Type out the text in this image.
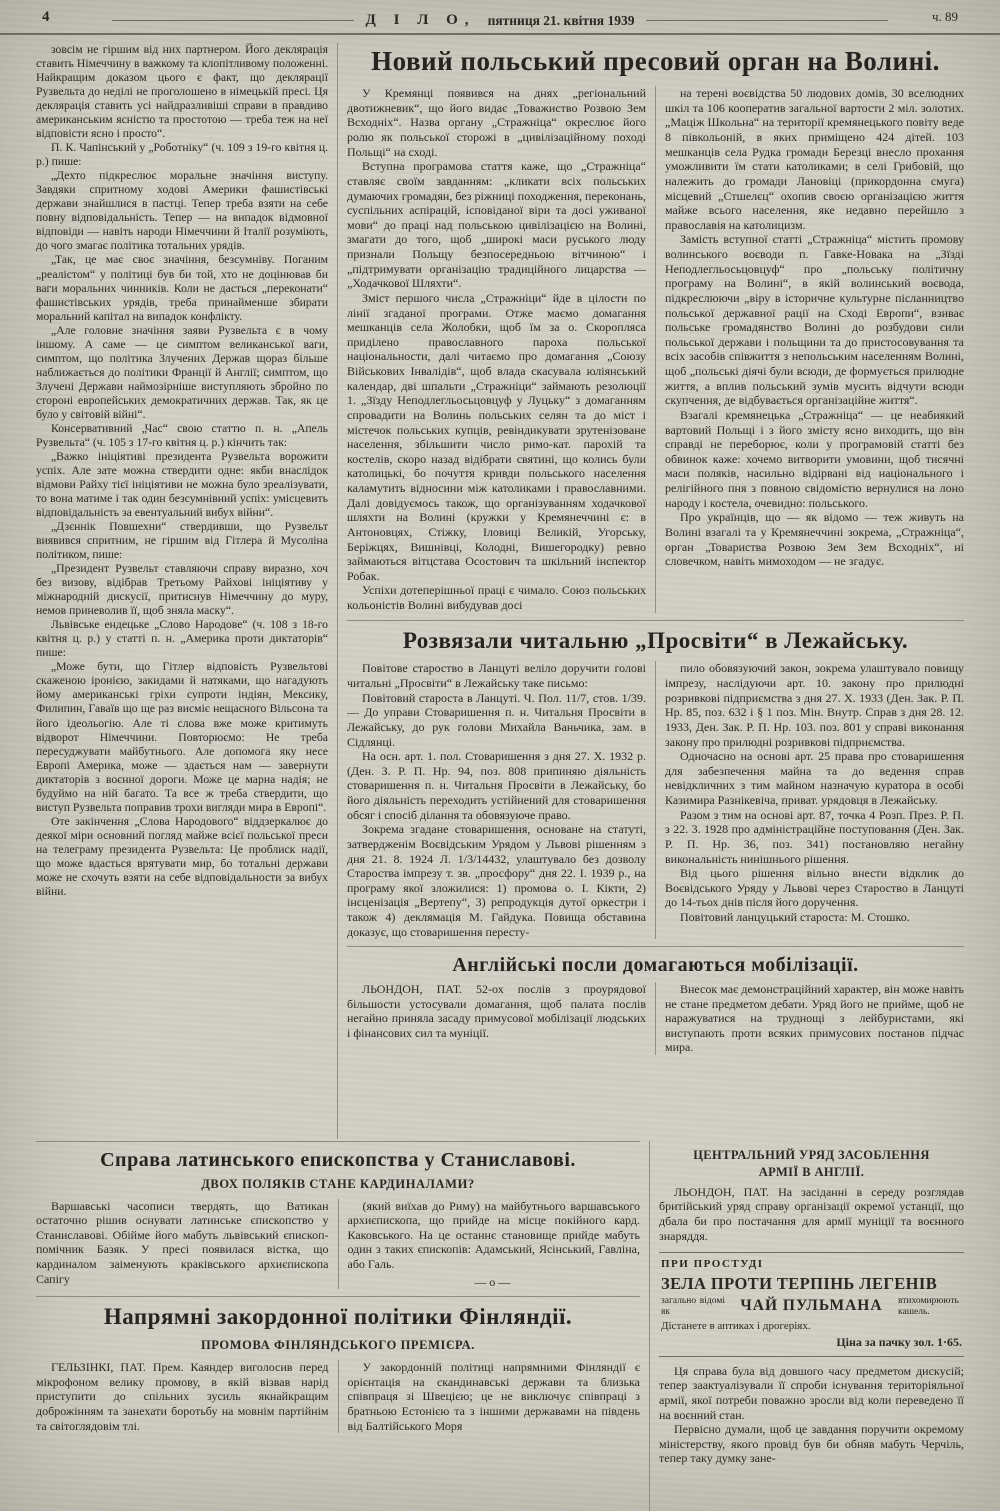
4	Д І Л О, пятниця 21. квітня 1939	ч. 89

зовсім не гіршим від них партнером. Його деклярація ставить Німеччину в важкому та клопітливому положенні. Найкращим доказом цього є факт, що деклярації Рузвельта до неділі не проголошено в німецькій пресі. Ця деклярація ставить усі найдразливіші справи в правдиво американським ясністю та простотою — треба теж на неї відповісти ясно і просто“.

П. К. Чапінський у „Роботніку“ (ч. 109 з 19-го квітня ц. р.) пише:

„Дехто підкреслює моральне значіння виступу. Завдяки спритному ходові Америки фашистівські держави знайшлися в пастці. Тепер треба взяти на себе повну відповідальність. Тепер — на випадок відмовної відповіди — навіть народи Німеччини й Італії розуміють, до чого змагає політика тотальних урядів.

„Так, це має своє значіння, безсумніву. Поганим „реалістом“ у політиці був би той, хто не доцінював би ваги моральних чинників. Коли не дасться „переконати“ фашистівських урядів, треба принайменше збирати моральний капітал на випадок конфлікту.

„Але головне значіння заяви Рузвельта є в чому іншому. А саме — це симптом великанської ваги, симптом, що політика Злучених Держав щораз більше наближається до політики Франції й Англії; симптом, що Злучені Держави наймозірніше виступляють збройно по стороні европейських демократичних держав. Так, як це було у світовій війні“.

Консервативний „Час“ свою статтю п. н. „Апель Рузвельта“ (ч. 105 з 17-го квітня ц. р.) кінчить так:

„Важко ініціятиві президента Рузвельта ворожити успіх. Але зате можна ствердити одне: якби внаслідок відмови Райху тієї ініціятиви не можна було зреалізувати, то вона матиме і так один безсумнівний успіх: умісцевить відповідальність за евентуальний вибух війни“.

„Дзєннік Повшехни“ ствердивши, що Рузвельт виявився спритним, не гіршим від Гітлера й Мусоліна політиком, пише:

„Президент Рузвельт ставляючи справу виразно, хоч без визову, відібрав Третьому Райхові ініціятиву у міжнародній дискусії, притиснув Німеччину до муру, немов приневолив її, щоб зняла маску“.

Львівське ендецьке „Слово Народове“ (ч. 108 з 18-го квітня ц. р.) у статті п. н. „Америка проти диктаторів“ пише:

„Може бути, що Гітлер відповість Рузвельтові скаженою іронією, закидами й натяками, що нагадують йому американські гріхи супроти індіян, Мексику, Филипин, Гаваїв що ще раз висміє нещасного Вільсона та його ідеольогію. Але ті слова вже може критимуть відворот Німеччини. Повторюємо: Не треба пересуджувати майбутнього. Але допомога яку несе Европі Америка, може — здається нам — завернути диктаторів з воєнної дороги. Може це марна надія; не будуймо на ній багато. Та все ж треба ствердити, що виступ Рузвельта поправив трохи вигляди мира в Европі“.

Оте закінчення „Слова Народового“ віддзеркалює до деякої міри основний погляд майже всієї польської преси на телеграму президента Рузвельта: Це проблиск надії, що може вдасться врятувати мир, бо тотальні держави може не схочуть взяти на себе відповідальности за вибух війни.

Новий польський пресовий орган на Волині.

У Кремянці появився на днях „регіональний двотижневик“, що його видає „Товажиство Розвою Зем Всходніх“. Назва органу „Стражніца“ окреслює його ролю як польської сторожі в „цивілізаційному поході Польщі“ на сході.

Вступна програмова стаття каже, що „Стражніца“ ставляє своїм завданням: „кликати всіх польських думаючих громадян, без ріжниці походження, переконань, суспільних аспірацій, ісповіданої віри та досі уживаної мови“ до праці над польською цивілізацією на Волині, змагати до того, щоб „широкі маси руського люду признали Польщу безпосередньою вітчиною“ і „підтримувати організацію традиційного лицарства — „Ходачкової Шляхти“.

Зміст першого числа „Стражніци“ йде в цілости по лінії згаданої програми. Отже маємо домагання мешканців села Жолобки, щоб їм за о. Скоропляса приділено православного пароха польської національности, далі читаємо про домагання „Союзу Військових Інвалідів“, щоб влада скасувала юліянський календар, дві шпальти „Стражніци“ займають резолюції 1. „Зїзду Неподлегльосьцовцуф у Луцьку“ з домаганням спровадити на Волинь польських селян та до міст і містечок польських купців, ревіндикувати зрутенізоване населення, збільшити число римо-кат. парохій та костелів, скоро назад відібрати святині, що колись були католицькі, бо почуття кривди польського населення каламутить відносини між католиками і православними. Далі довідуємось також, що організуванням ходачкової шляхти на Волині (кружки у Кремянеччині є: в Антоновцях, Стіжку, Іловиці Великій, Угорську, Беріжцях, Вишнівці, Колодні, Вишегородку) ревно займаються вітцстава Осостович та шкільний інспектор Робак.

Успіхи дотеперішньої праці є чимало. Союз польських кольоністів Волині вибудував досі

на терені воєвідства 50 людових домів, 30 вселюдних шкіл та 106 кооператив загальної вартости 2 міл. золотих. „Маціж Школьна“ на території кремянецького повіту веде 8 півкольоній, в яких приміщено 424 дітей. 103 мешканців села Рудка громади Березці внесло прохання уможливити їм стати католиками; в селі Грибовій, що належить до громади Лановіці (прикордонна смуга) місцевий „Стшелєц“ охопив своєю організацією життя майже всього населення, яке недавно перейшло з православія на католицизм.

Замість вступної статті „Стражніца“ містить промову волинського воєводи п. Гавке-Новака на „Зїзді Неподлегльосьцовцуф“ про „польську політичну програму на Волині“, в якій волинський воєвода, підкреслюючи „віру в історичне культурне післанництво польської державної рації на Сході Европи“, взиває польське громадянство Волині до розбудови сили польської держави і польщини та до пристосовування та всіх засобів співжиття з непольським населенням Волині, щоб „польські діячі були всюди, де формується прилюдне життя, а вплив польський зумів мусить відчути всюди скупчення, де відбувається організаційне життя“.

Взагалі кремянецька „Стражніца“ — це неабиякий вартовий Польщі і з його змісту ясно виходить, що він справді не переборює, коли у програмовій статті без обвинок каже: хочемо витворити умовини, щоб тисячні маси поляків, насильно відірвані від національного і релігійного пня з повною свідомістю вернулися на лоно народу і костела, очевидно: польського.

Про українців, що — як відомо — теж живуть на Волині взагалі та у Кремянеччині зокрема, „Стражніца“, орган „Товариства Розвою Зем Зем Всходніх“, ні словечком, навіть мимоходом — не згадує.

Розвязали читальню „Просвіти“ в Лежайську.

Повітове староство в Ланцуті веліло доручити голові читальні „Просвіти“ в Лежайську таке письмо:

Повітовий староста в Ланцуті. Ч. Пол. 11/7, стов. 1/39. — До управи Стоваришення п. н. Читальня Просвіти в Лежайську, до рук голови Михайла Ваньчика, зам. в Сідлянці.

На осн. арт. 1. пол. Стоваришення з дня 27. X. 1932 р. (Ден. З. Р. П. Нр. 94, поз. 808 припиняю діяльність стоваришення п. н. Читальня Просвіти в Лежайську, бо його діяльність переходить устійнений для стоваришення обсяг і спосіб ділання та обовязуюче право.

Зокрема згадане стоваришення, основане на статуті, затвердженім Воєвідським Урядом у Львові рішенням з дня 21. 8. 1924 Л. 1/3/14432, улаштувало без дозволу Староства імпрезу т. зв. „просфору“ дня 22. І. 1939 р., на програму якої зложилися: 1) промова о. І. Кікти, 2) інсценізація „Вертепу“, 3) репродукція дутої оркестри і також 4) деклямація М. Гайдука. Повища обставина доказує, що стоваришення пересту-

пило обовязуючий закон, зокрема улаштувало повищу імпрезу, наслідуючи арт. 10. закону про прилюдні розривкові підприємства з дня 27. X. 1933 (Ден. Зак. Р. П. Нр. 85, поз. 632 і § 1 поз. Мін. Внутр. Справ з дня 28. 12. 1933, Ден. Зак. Р. П. Нр. 103. поз. 801 у справі виконання закону про прилюдні розривкові підприємства.

Одночасно на основі арт. 25 права про стоваришення для забезпечення майна та до ведення справ невідкличних з тим майном назначую куратора в особі Казимира Разнікевіча, приват. урядовця в Лежайську.

Разом з тим на основі арт. 87, точка 4 Розп. През. Р. П. з 22. 3. 1928 про адміністраційне поступовання (Ден. Зак. Р. П. Нр. 36, поз. 341) постановляю негайну викональність нинішнього рішення.

Від цього рішення вільно внести відклик до Воєвідського Уряду у Львові через Староство в Ланцуті до 14-тьох днів після його доручення.

Повітовий ланцуцький староста: М. Стошко.

Англійські посли домагаються мобілізації.

ЛЬОНДОН, ПАТ. 52-ох послів з проурядової більшости устосували домагання, щоб палата послів негайно приняла засаду примусової мобілізації людських і фінансових сил та муніції.

Внесок має демонстраційний характер, він може навіть не стане предметом дебати. Уряд його не прийме, щоб не наражуватися на труднощі з лейбуристами, які виступають проти всяких примусових постанов підчас мира.

Справа латинського епископства у Станиславові.
ДВОХ ПОЛЯКІВ СТАНЕ КАРДИНАЛАМИ?

Варшавські часописи твердять, що Ватикан остаточно рішив оснувати латинське єпископство у Станиславові. Обійме його мабуть львівський єпископ-помічник Базяк. У пресі появилася вістка, що кардиналом заіменують краківського архиєпископа Сапігу

(який виїхав до Риму) на майбутнього варшавського архиєпископа, що прийде на місце покійного кард. Каковського. На це останнє становище прийде мабуть один з таких єпископів: Адамський, Ясінський, Гавліна, або Галь.

—о—
Напрямні закордонної політики Фінляндії.
ПРОМОВА ФІНЛЯНДСЬКОГО ПРЕМІЄРА.

ГЕЛЬЗІНКІ, ПАТ. Прем. Каяндер виголосив перед мікрофоном велику промову, в якій візвав нарід приступити до спільних зусиль якнайкращим доброжінням та занехати боротьбу на мовнім партійнім та світоглядовім тлі.

У закордонній політиці напрямними Фінляндії є орієнтація на скандинавські держави та близька співпраця зі Швецією; це не виключує співпраці з братньою Естонією та з іншими державами на південь від Балтійського Моря

ЦЕНТРАЛЬНИЙ УРЯД ЗАСОБЛЕННЯ АРМІЇ В АНГЛІЇ.

ЛЬОНДОН, ПАТ. На засіданні в середу розглядав бритійський уряд справу організації окремої устанції, що дбала би про постачання для армії муніції та воєнного знаряддя.

ПРИ ПРОСТУДІ
ЗЕЛА ПРОТИ ТЕРПІНЬ ЛЕГЕНІВ
загально відомі як	ЧАЙ ПУЛЬМАНА	втихомирюють кашель.
Дістанете в аптиках і дрогеріях.
Ціна за пачку зол. 1·65.

Ця справа була від довшого часу предметом дискусій; тепер заактуалізували її спроби існування територіяльної армії, якої потреби поважно зросли від коли переведено її на воєнний стан.

Первісно думали, щоб це завдання поручити окремому міністерству, якого провід був би обняв мабуть Черчіль, тепер таку думку зане-
